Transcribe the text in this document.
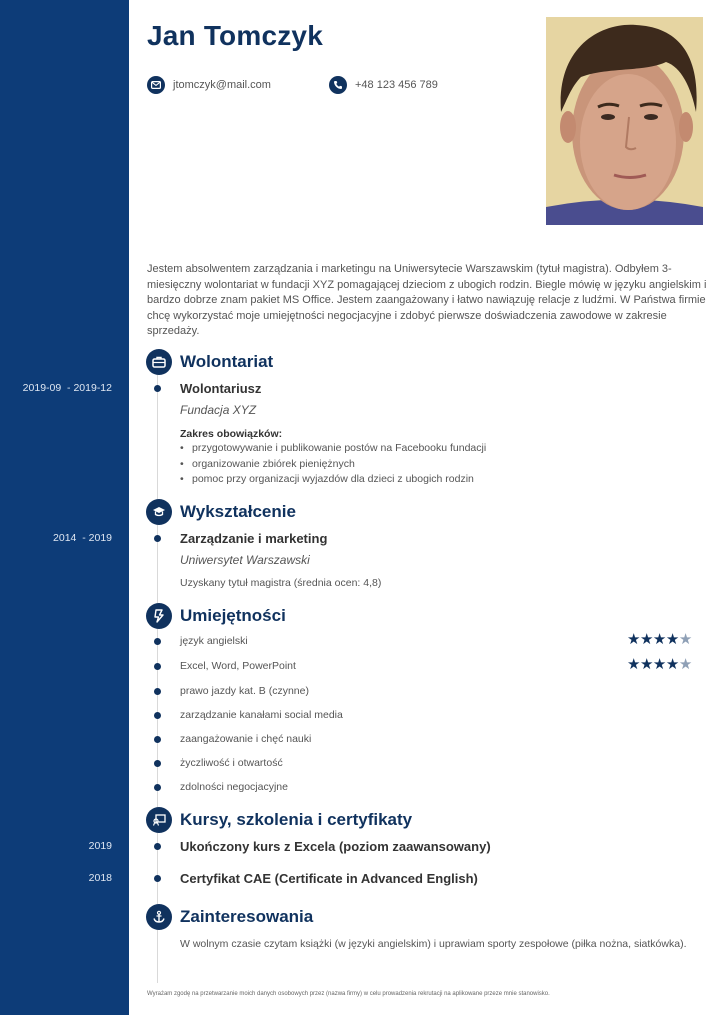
Jan Tomczyk
jtomczyk@mail.com	+48 123 456 789

Jestem absolwentem zarządzania i marketingu na Uniwersytecie Warszawskim (tytuł magistra). Odbyłem 3-miesięczny wolontariat w fundacji XYZ pomagającej dzieciom z ubogich rodzin. Biegle mówię w języku angielskim i bardzo dobrze znam pakiet MS Office. Jestem zaangażowany i łatwo nawiązuję relacje z ludźmi. W Państwa firmie chcę wykorzystać moje umiejętności negocjacyjne i zdobyć pierwsze doświadczenia zawodowe w zakresie sprzedaży.

Wolontariat
2019-09  - 2019-12	Wolontariusz
Fundacja XYZ
Zakres obowiązków:
• przygotowywanie i publikowanie postów na Facebooku fundacji
• organizowanie zbiórek pieniężnych
• pomoc przy organizacji wyjazdów dla dzieci z ubogich rodzin
Wykształcenie
2014  - 2019	Zarządzanie i marketing
Uniwersytet Warszawski
Uzyskany tytuł magistra (średnia ocen: 4,8)
Umiejętności
język angielski	★ ★ ★ ★ ★
Excel, Word, PowerPoint	★ ★ ★ ★ ★
prawo jazdy kat. B (czynne)
zarządzanie kanałami social media
zaangażowanie i chęć nauki
życzliwość i otwartość
zdolności negocjacyjne
Kursy, szkolenia i certyfikaty
2019	Ukończony kurs z Excela (poziom zaawansowany)
2018	Certyfikat CAE (Certificate in Advanced English)
Zainteresowania

W wolnym czasie czytam książki (w języki angielskim) i uprawiam sporty zespołowe (piłka nożna, siatkówka).

Wyrażam zgodę na przetwarzanie moich danych osobowych przez (nazwa firmy) w celu prowadzenia rekrutacji na aplikowane przeze mnie stanowisko.
